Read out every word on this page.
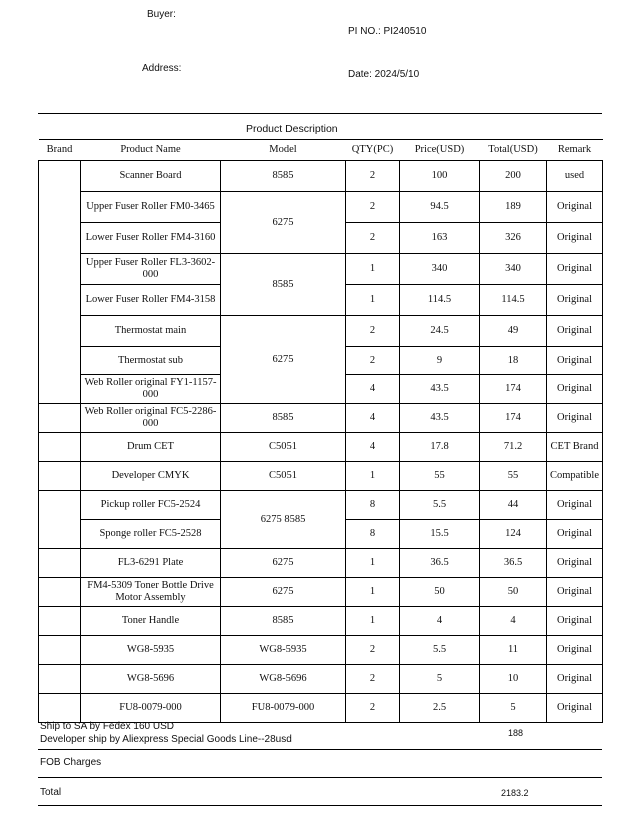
Buyer:
PI NO.: PI240510
Address:
Date: 2024/5/10
Product Description
Brand	Product Name	Model	QTY(PC)	Price(USD)	Total(USD)	Remark
	Scanner Board	8585	2	100	200	used
	Upper Fuser Roller FM0-3465	6275	2	94.5	189	Original
	Lower Fuser Roller FM4-3160		2	163	326	Original
	Upper Fuser Roller FL3-3602-000	8585	1	340	340	Original
	Lower Fuser Roller FM4-3158		1	114.5	114.5	Original
	Thermostat main	6275	2	24.5	49	Original
	Thermostat sub		2	9	18	Original
	Web Roller original FY1-1157-000		4	43.5	174	Original
	Web Roller original FC5-2286-000	8585	4	43.5	174	Original
	Drum CET	C5051	4	17.8	71.2	CET Brand
	Developer CMYK	C5051	1	55	55	Compatible
	Pickup roller FC5-2524	6275 8585	8	5.5	44	Original
	Sponge roller FC5-2528		8	15.5	124	Original
	FL3-6291 Plate	6275	1	36.5	36.5	Original
	FM4-5309 Toner Bottle Drive Motor Assembly	6275	1	50	50	Original
	Toner Handle	8585	1	4	4	Original
	WG8-5935	WG8-5935	2	5.5	11	Original
	WG8-5696	WG8-5696	2	5	10	Original
	FU8-0079-000	FU8-0079-000	2	2.5	5	Original
Ship to SA by Fedex 160 USD
Developer ship by Aliexpress Special Goods Line--28usd
188
FOB Charges
Total	2183.2
